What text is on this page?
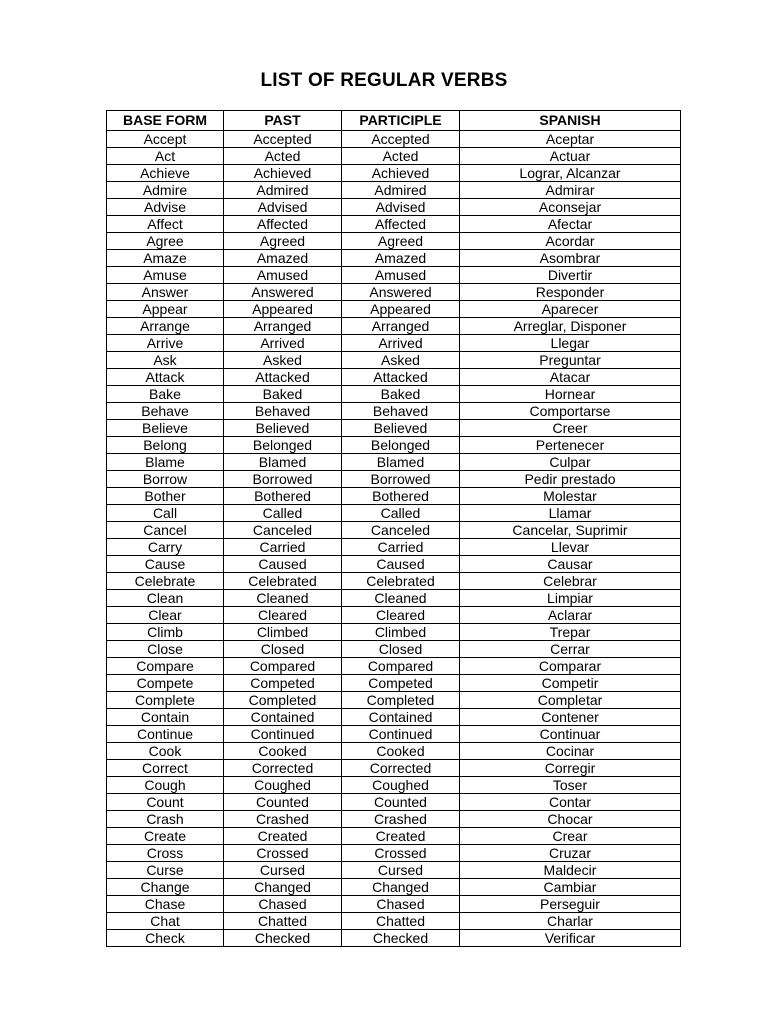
LIST OF REGULAR VERBS
BASE FORM	PAST	PARTICIPLE	SPANISH
Accept	Accepted	Accepted	Aceptar
Act	Acted	Acted	Actuar
Achieve	Achieved	Achieved	Lograr, Alcanzar
Admire	Admired	Admired	Admirar
Advise	Advised	Advised	Aconsejar
Affect	Affected	Affected	Afectar
Agree	Agreed	Agreed	Acordar
Amaze	Amazed	Amazed	Asombrar
Amuse	Amused	Amused	Divertir
Answer	Answered	Answered	Responder
Appear	Appeared	Appeared	Aparecer
Arrange	Arranged	Arranged	Arreglar, Disponer
Arrive	Arrived	Arrived	Llegar
Ask	Asked	Asked	Preguntar
Attack	Attacked	Attacked	Atacar
Bake	Baked	Baked	Hornear
Behave	Behaved	Behaved	Comportarse
Believe	Believed	Believed	Creer
Belong	Belonged	Belonged	Pertenecer
Blame	Blamed	Blamed	Culpar
Borrow	Borrowed	Borrowed	Pedir prestado
Bother	Bothered	Bothered	Molestar
Call	Called	Called	Llamar
Cancel	Canceled	Canceled	Cancelar, Suprimir
Carry	Carried	Carried	Llevar
Cause	Caused	Caused	Causar
Celebrate	Celebrated	Celebrated	Celebrar
Clean	Cleaned	Cleaned	Limpiar
Clear	Cleared	Cleared	Aclarar
Climb	Climbed	Climbed	Trepar
Close	Closed	Closed	Cerrar
Compare	Compared	Compared	Comparar
Compete	Competed	Competed	Competir
Complete	Completed	Completed	Completar
Contain	Contained	Contained	Contener
Continue	Continued	Continued	Continuar
Cook	Cooked	Cooked	Cocinar
Correct	Corrected	Corrected	Corregir
Cough	Coughed	Coughed	Toser
Count	Counted	Counted	Contar
Crash	Crashed	Crashed	Chocar
Create	Created	Created	Crear
Cross	Crossed	Crossed	Cruzar
Curse	Cursed	Cursed	Maldecir
Change	Changed	Changed	Cambiar
Chase	Chased	Chased	Perseguir
Chat	Chatted	Chatted	Charlar
Check	Checked	Checked	Verificar
